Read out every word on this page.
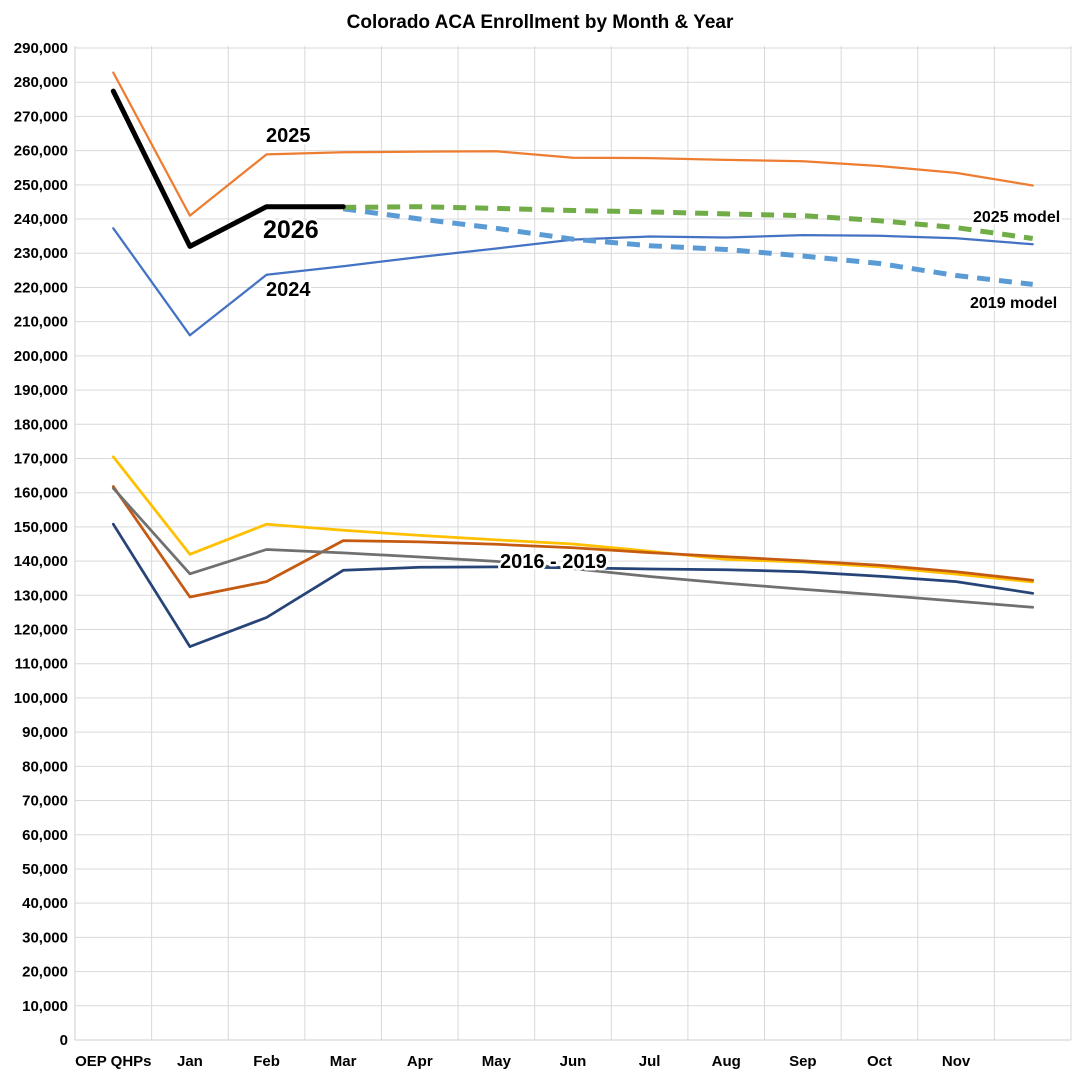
0
10,000
20,000
30,000
40,000
50,000
60,000
70,000
80,000
90,000
100,000
110,000
120,000
130,000
140,000
150,000
160,000
170,000
180,000
190,000
200,000
210,000
220,000
230,000
240,000
250,000
260,000
270,000
280,000
290,000
OEP QHPs Jan	Feb	Mar	Apr	May	Jun	Jul	Aug	Sep	Oct	Nov
Colorado ACA Enrollment by Month & Year
2025
2026
2024
2016 - 2019
2025 model
2019 model
